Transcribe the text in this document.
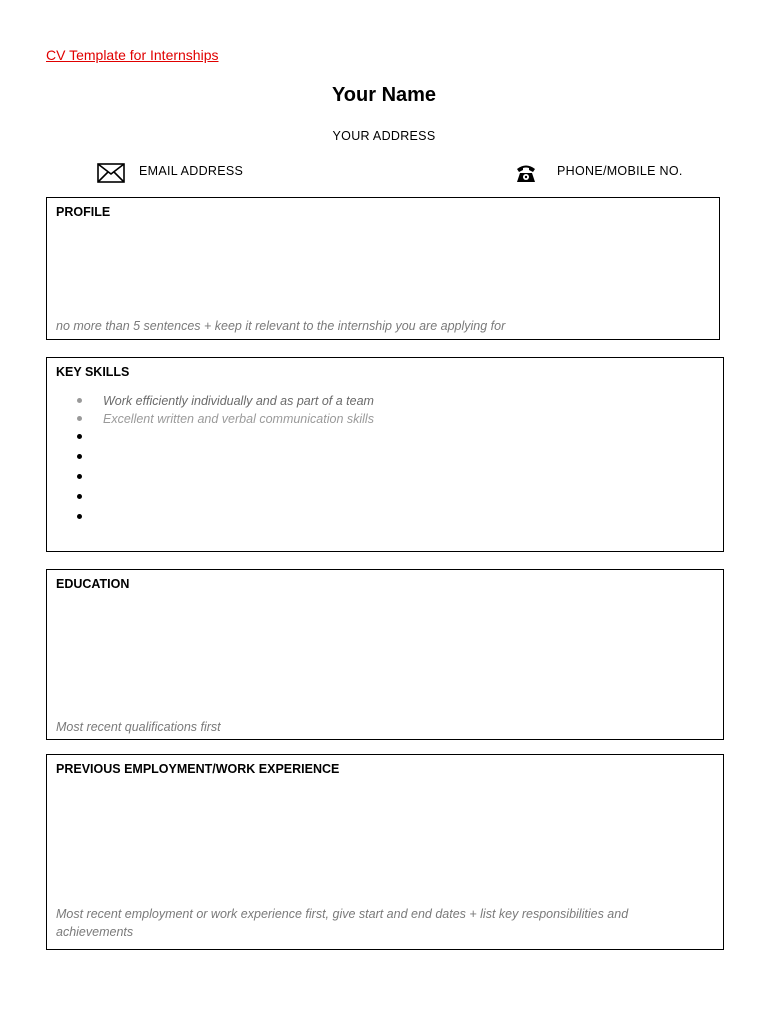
CV Template for Internships
Your Name
YOUR ADDRESS
EMAIL ADDRESS	PHONE/MOBILE NO.
PROFILE
no more than 5 sentences + keep it relevant to the internship you are applying for
KEY SKILLS
Work efficiently individually and as part of a team
Excellent written and verbal communication skills
EDUCATION
Most recent qualifications first
PREVIOUS EMPLOYMENT/WORK EXPERIENCE
Most recent employment or work experience first, give start and end dates + list key responsibilities and achievements
